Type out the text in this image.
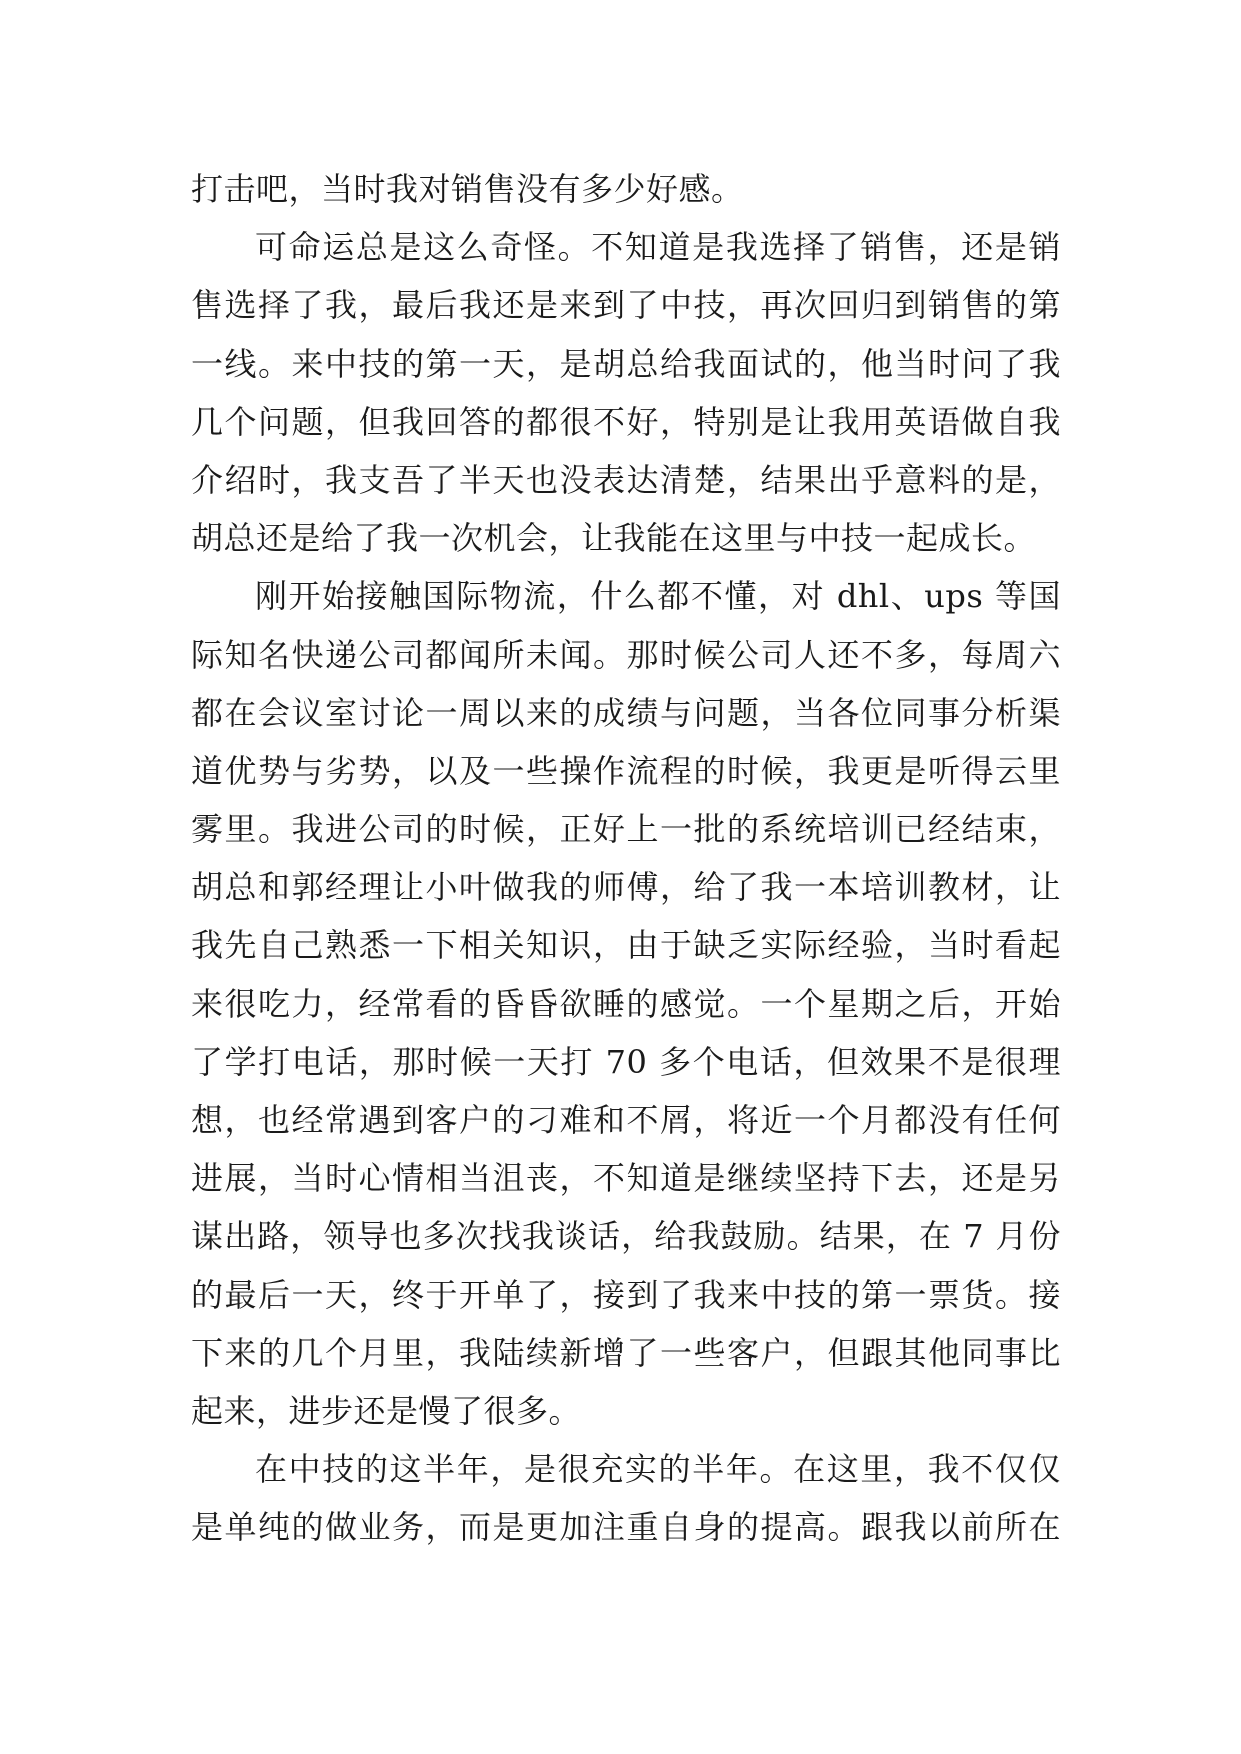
打击吧，当时我对销售没有多少好感。
可命运总是这么奇怪。不知道是我选择了销售，还是销
售选择了我，最后我还是来到了中技，再次回归到销售的第
一线。来中技的第一天，是胡总给我面试的，他当时问了我
几个问题，但我回答的都很不好，特别是让我用英语做自我
介绍时，我支吾了半天也没表达清楚，结果出乎意料的是，
胡总还是给了我一次机会，让我能在这里与中技一起成长。
刚开始接触国际物流，什么都不懂，对 dhl、ups 等国
际知名快递公司都闻所未闻。那时候公司人还不多，每周六
都在会议室讨论一周以来的成绩与问题，当各位同事分析渠
道优势与劣势，以及一些操作流程的时候，我更是听得云里
雾里。我进公司的时候，正好上一批的系统培训已经结束，
胡总和郭经理让小叶做我的师傅，给了我一本培训教材，让
我先自己熟悉一下相关知识，由于缺乏实际经验，当时看起
来很吃力，经常看的昏昏欲睡的感觉。一个星期之后，开始
了学打电话，那时候一天打 70 多个电话，但效果不是很理
想，也经常遇到客户的刁难和不屑，将近一个月都没有任何
进展，当时心情相当沮丧，不知道是继续坚持下去，还是另
谋出路，领导也多次找我谈话，给我鼓励。结果，在 7 月份
的最后一天，终于开单了，接到了我来中技的第一票货。接
下来的几个月里，我陆续新增了一些客户，但跟其他同事比
起来，进步还是慢了很多。
在中技的这半年，是很充实的半年。在这里，我不仅仅
是单纯的做业务，而是更加注重自身的提高。跟我以前所在
